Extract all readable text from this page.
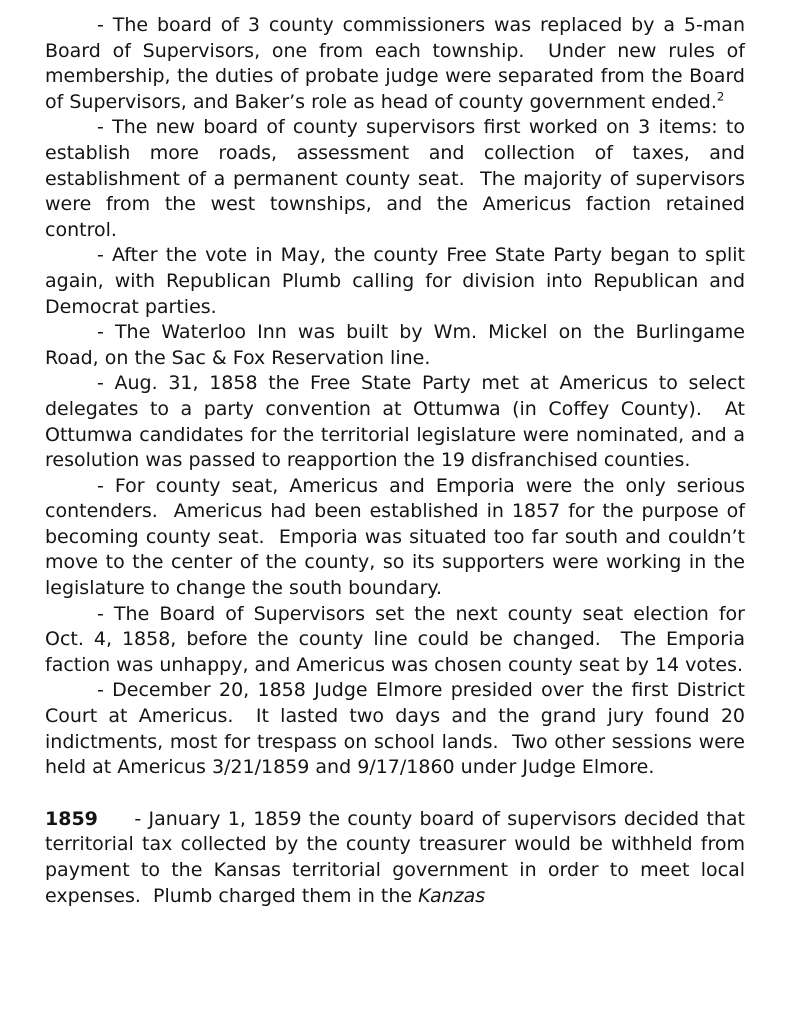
- The board of 3 county commissioners was replaced by a 5-man Board of Supervisors, one from each township.  Under new rules of membership, the duties of probate judge were separated from the Board of Supervisors, and Baker’s role as head of county government ended.$^2$

- The new board of county supervisors first worked on 3 items: to establish more roads, assessment and collection of taxes, and establishment of a permanent county seat.  The majority of supervisors were from the west townships, and the Americus faction retained control.

- After the vote in May, the county Free State Party began to split again, with Republican Plumb calling for division into Republican and Democrat parties.

- The Waterloo Inn was built by Wm. Mickel on the Burlingame Road, on the Sac & Fox Reservation line.

- Aug. 31, 1858 the Free State Party met at Americus to select delegates to a party convention at Ottumwa (in Coffey County).  At Ottumwa candidates for the territorial legislature were nominated, and a resolution was passed to reapportion the 19 disfranchised counties.

- For county seat, Americus and Emporia were the only serious contenders.  Americus had been established in 1857 for the purpose of becoming county seat.  Emporia was situated too far south and couldn’t move to the center of the county, so its supporters were working in the legislature to change the south boundary.

- The Board of Supervisors set the next county seat election for Oct. 4, 1858, before the county line could be changed.  The Emporia faction was unhappy, and Americus was chosen county seat by 14 votes.

- December 20, 1858 Judge Elmore presided over the first District Court at Americus.  It lasted two days and the grand jury found 20 indictments, most for trespass on school lands.  Two other sessions were held at Americus 3/21/1859 and 9/17/1860 under Judge Elmore.

1859     - January 1, 1859 the county board of supervisors decided that territorial tax collected by the county treasurer would be withheld from payment to the Kansas territorial government in order to meet local expenses.  Plumb charged them in the Kanzas
